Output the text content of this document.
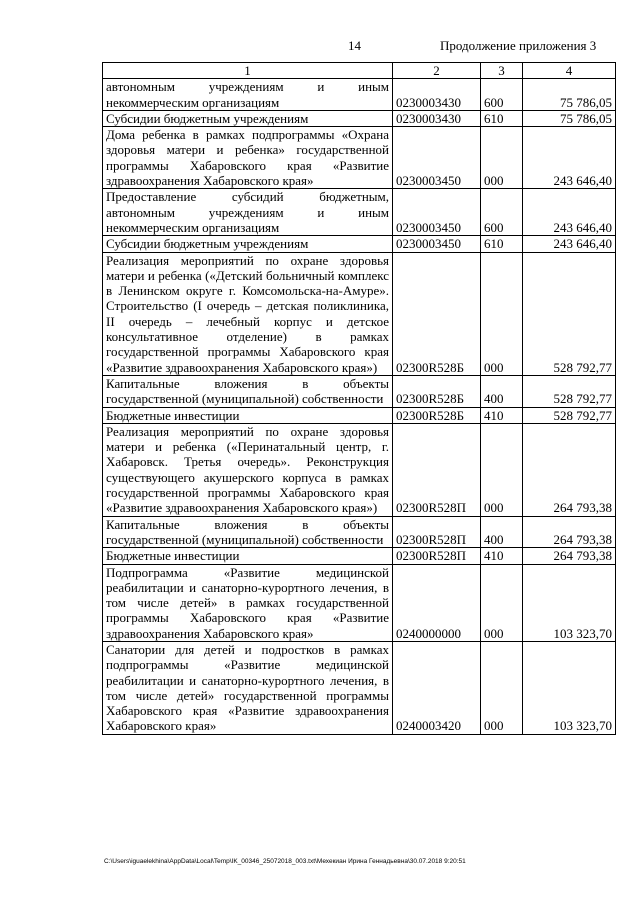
14	Продолжение приложения 3
1	2	3	4
автономным учреждениям и иным некоммерческим организациям	0230003430	600	75 786,05
Субсидии бюджетным учреждениям	0230003430	610	75 786,05
Дома ребенка в рамках подпрограммы «Охрана здоровья матери и ребенка» государственной программы Хабаровского края «Развитие здравоохранения Хабаровского края»	0230003450	000	243 646,40
Предоставление субсидий бюджетным, автономным учреждениям и иным некоммерческим организациям	0230003450	600	243 646,40
Субсидии бюджетным учреждениям	0230003450	610	243 646,40
Реализация мероприятий по охране здоровья матери и ребенка («Детский больничный комплекс в Ленинском округе г. Комсомольска-на-Амуре». Строительство (I очередь – детская поликлиника, II очередь – лечебный корпус и детское консультативное отделение) в рамках государственной программы Хабаровского края «Развитие здравоохранения Хабаровского края»)	02300R528Б	000	528 792,77
Капитальные вложения в объекты государственной (муниципальной) собственности	02300R528Б	400	528 792,77
Бюджетные инвестиции	02300R528Б	410	528 792,77
Реализация мероприятий по охране здоровья матери и ребенка («Перинатальный центр, г. Хабаровск. Третья очередь». Реконструкция существующего акушерского корпуса в рамках государственной программы Хабаровского края «Развитие здравоохранения Хабаровского края»)	02300R528П	000	264 793,38
Капитальные вложения в объекты государственной (муниципальной) собственности	02300R528П	400	264 793,38
Бюджетные инвестиции	02300R528П	410	264 793,38
Подпрограмма «Развитие медицинской реабилитации и санаторно-курортного лечения, в том числе детей» в рамках государственной программы Хабаровского края «Развитие здравоохранения Хабаровского края»	0240000000	000	103 323,70
Санатории для детей и подростков в рамках подпрограммы «Развитие медицинской реабилитации и санаторно-курортного лечения, в том числе детей» государственной программы Хабаровского края «Развитие здравоохранения Хабаровского края»	0240003420	000	103 323,70
C:\Users\iguaelekhina\AppData\Local\Temp\IK_00346_25072018_003.txt\Мехекиан Ирина Геннадьевна\30.07.2018 9:20:51
